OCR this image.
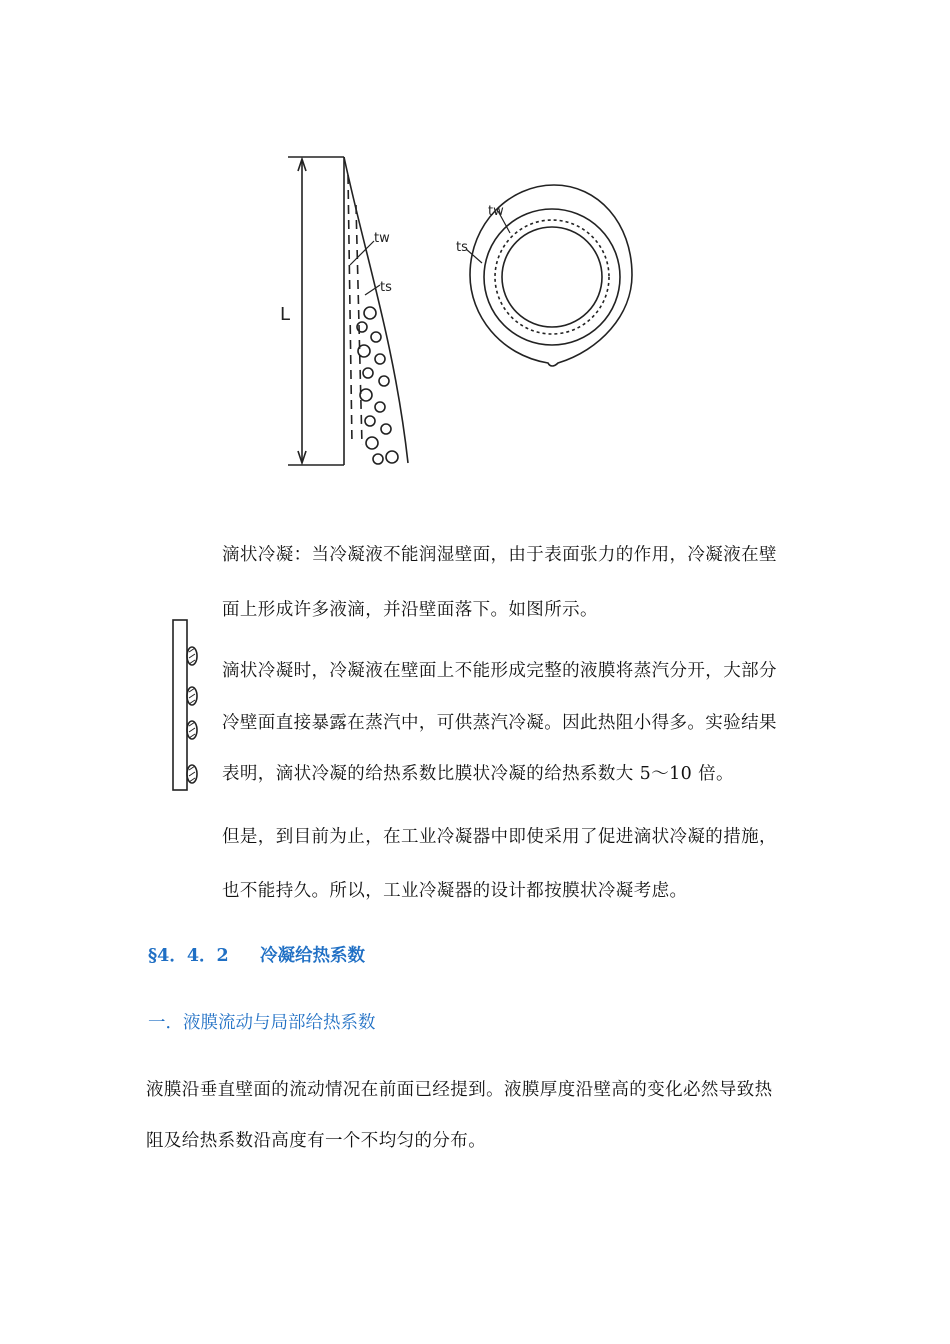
L
tw
ts
tw
ts
滴状冷凝：当冷凝液不能润湿壁面，由于表面张力的作用，冷凝液在壁
面上形成许多液滴，并沿壁面落下。如图所示。
滴状冷凝时，冷凝液在壁面上不能形成完整的液膜将蒸汽分开，大部分
冷壁面直接暴露在蒸汽中，可供蒸汽冷凝。因此热阻小得多。实验结果
表明，滴状冷凝的给热系数比膜状冷凝的给热系数大 5～10 倍。
但是，到目前为止，在工业冷凝器中即使采用了促进滴状冷凝的措施，
也不能持久。所以，工业冷凝器的设计都按膜状冷凝考虑。
§4．4．2 冷凝给热系数
一．液膜流动与局部给热系数
液膜沿垂直壁面的流动情况在前面已经提到。液膜厚度沿壁高的变化必然导致热
阻及给热系数沿高度有一个不均匀的分布。
